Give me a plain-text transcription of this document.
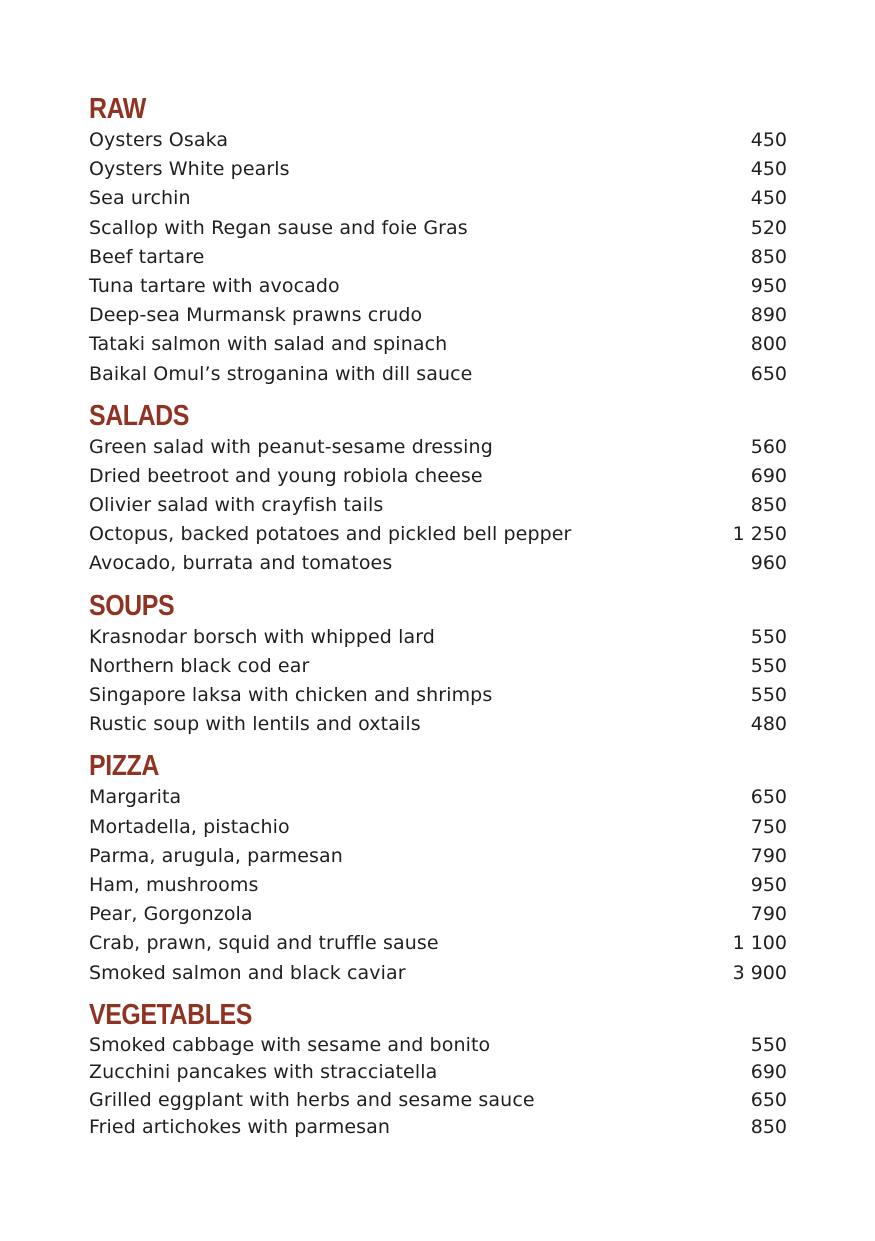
RAW
Oysters Osaka	450
Oysters White pearls	450
Sea urchin	450
Scallop with Regan sause and foie Gras	520
Beef tartare	850
Tuna tartare with avocado	950
Deep-sea Murmansk prawns crudo	890
Tataki salmon with salad and spinach	800
Baikal Omul’s stroganina with dill sauce	650
SALADS
Green salad with peanut-sesame dressing	560
Dried beetroot and young robiola cheese	690
Olivier salad with crayfish tails	850
Octopus, backed potatoes and pickled bell pepper	1 250
Avocado, burrata and tomatoes	960
SOUPS
Krasnodar borsch with whipped lard	550
Northern black cod ear	550
Singapore laksa with chicken and shrimps	550
Rustic soup with lentils and oxtails	480
PIZZA
Margarita	650
Mortadella, pistachio	750
Parma, arugula, parmesan	790
Ham, mushrooms	950
Pear, Gorgonzola	790
Crab, prawn, squid and truffle sause	1 100
Smoked salmon and black caviar	3 900
VEGETABLES
Smoked cabbage with sesame and bonito	550
Zucchini pancakes with stracciatella	690
Grilled eggplant with herbs and sesame sauce	650
Fried artichokes with parmesan	850
